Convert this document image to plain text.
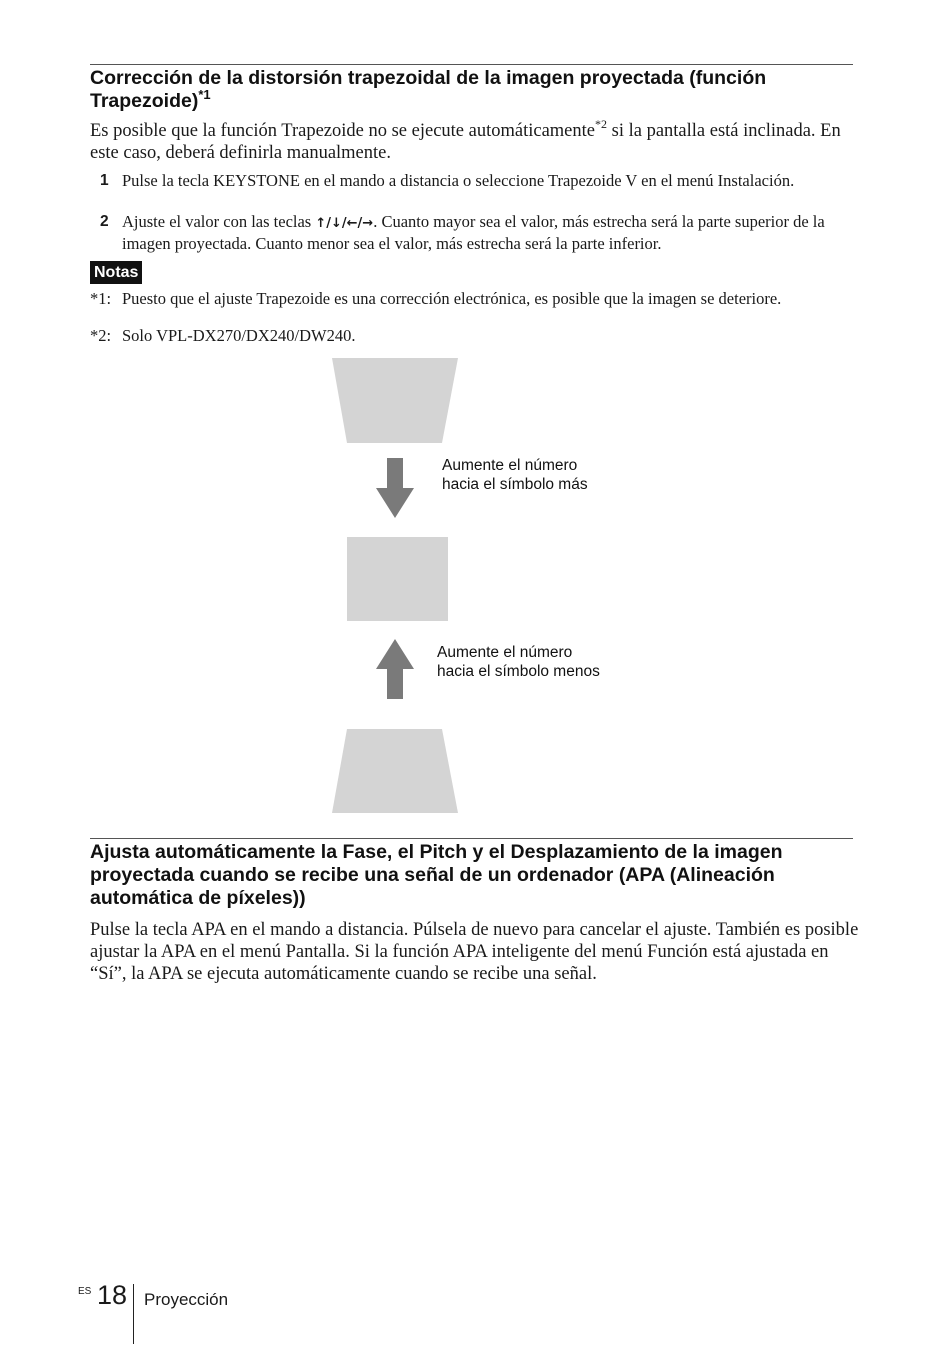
Corrección de la distorsión trapezoidal de la imagen proyectada (función Trapezoide)$^{*1}$
Es posible que la función Trapezoide no se ejecute automáticamente$^{*2}$ si la pantalla está inclinada. En este caso, deberá definirla manualmente.
1 Pulse la tecla KEYSTONE en el mando a distancia o seleccione Trapezoide V en el menú Instalación.
2 Ajuste el valor con las teclas ↑/↓/←/→. Cuanto mayor sea el valor, más estrecha será la parte superior de la imagen proyectada. Cuanto menor sea el valor, más estrecha será la parte inferior.
Notas
*1: Puesto que el ajuste Trapezoide es una corrección electrónica, es posible que la imagen se deteriore.
*2: Solo VPL-DX270/DX240/DW240.
Aumente el número
hacia el símbolo más
Aumente el número
hacia el símbolo menos
Ajusta automáticamente la Fase, el Pitch y el Desplazamiento de la imagen proyectada cuando se recibe una señal de un ordenador (APA (Alineación automática de píxeles))
Pulse la tecla APA en el mando a distancia. Púlsela de nuevo para cancelar el ajuste. También es posible ajustar la APA en el menú Pantalla. Si la función APA inteligente del menú Función está ajustada en “Sí”, la APA se ejecuta automáticamente cuando se recibe una señal.
ES 18 Proyección
